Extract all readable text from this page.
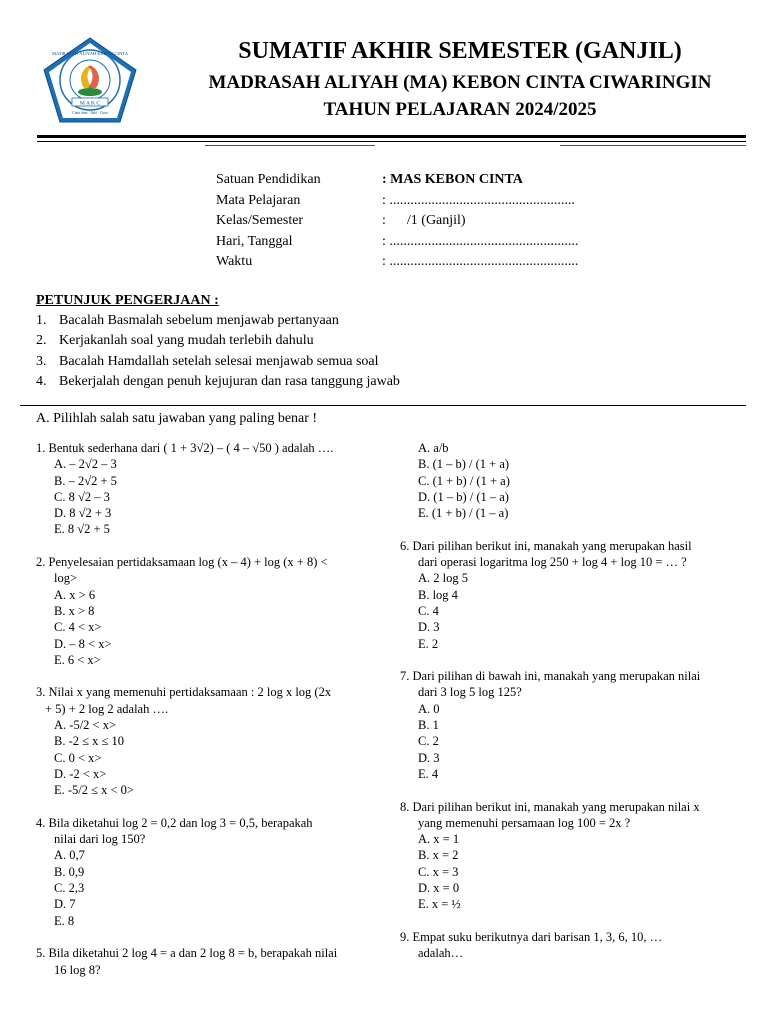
M A K C
MADRASAH ALIYAH KEBON CINTA
Cinta ilmu · Ilahi · Cinta
SUMATIF AKHIR SEMESTER (GANJIL)
MADRASAH ALIYAH (MA) KEBON CINTA CIWARINGIN
TAHUN PELAJARAN 2024/2025
Satuan Pendidikan	: MAS KEBON CINTA
Mata Pelajaran	: .....................................................
Kelas/Semester	:      /1 (Ganjil)
Hari, Tanggal	: ......................................................
Waktu	: ......................................................
PETUNJUK PENGERJAAN :
1. Bacalah Basmalah sebelum menjawab pertanyaan
2. Kerjakanlah soal yang mudah terlebih dahulu
3. Bacalah Hamdallah setelah selesai menjawab semua soal
4. Bekerjalah dengan penuh kejujuran dan rasa tanggung jawab
A. Pilihlah salah satu jawaban yang paling benar !
1. Bentuk sederhana dari ( 1 + 3√2) – ( 4 – √50 ) adalah ….
A. – 2√2 – 3
B. – 2√2 + 5
C. 8 √2 – 3
D. 8 √2 + 3
E. 8 √2 + 5
2. Penyelesaian pertidaksamaan log (x – 4) + log (x + 8) <
log>
A. x > 6
B. x > 8
C. 4 < x>
D. – 8 < x>
E. 6 < x>
3. Nilai x yang memenuhi pertidaksamaan : 2 log x log (2x
+ 5) + 2 log 2 adalah ….
A. -5/2 < x>
B. -2 ≤ x ≤ 10
C. 0 < x>
D. -2 < x>
E. -5/2 ≤ x < 0>
4. Bila diketahui log 2 = 0,2 dan log 3 = 0,5, berapakah
nilai dari log 150?
A. 0,7
B. 0,9
C. 2,3
D. 7
E. 8
5. Bila diketahui 2 log 4 = a dan 2 log 8 = b, berapakah nilai
16 log 8?
A. a/b
B. (1 – b) / (1 + a)
C. (1 + b) / (1 + a)
D. (1 – b) / (1 – a)
E. (1 + b) / (1 – a)
6. Dari pilihan berikut ini, manakah yang merupakan hasil
dari operasi logaritma log 250 + log 4 + log 10 = … ?
A. 2 log 5
B. log 4
C. 4
D. 3
E. 2
7. Dari pilihan di bawah ini, manakah yang merupakan nilai
dari 3 log 5 log 125?
A. 0
B. 1
C. 2
D. 3
E. 4
8. Dari pilihan berikut ini, manakah yang merupakan nilai x
yang memenuhi persamaan log 100 = 2x ?
A. x = 1
B. x = 2
C. x = 3
D. x = 0
E. x = ½
9. Empat suku berikutnya dari barisan 1, 3, 6, 10, …
adalah…
